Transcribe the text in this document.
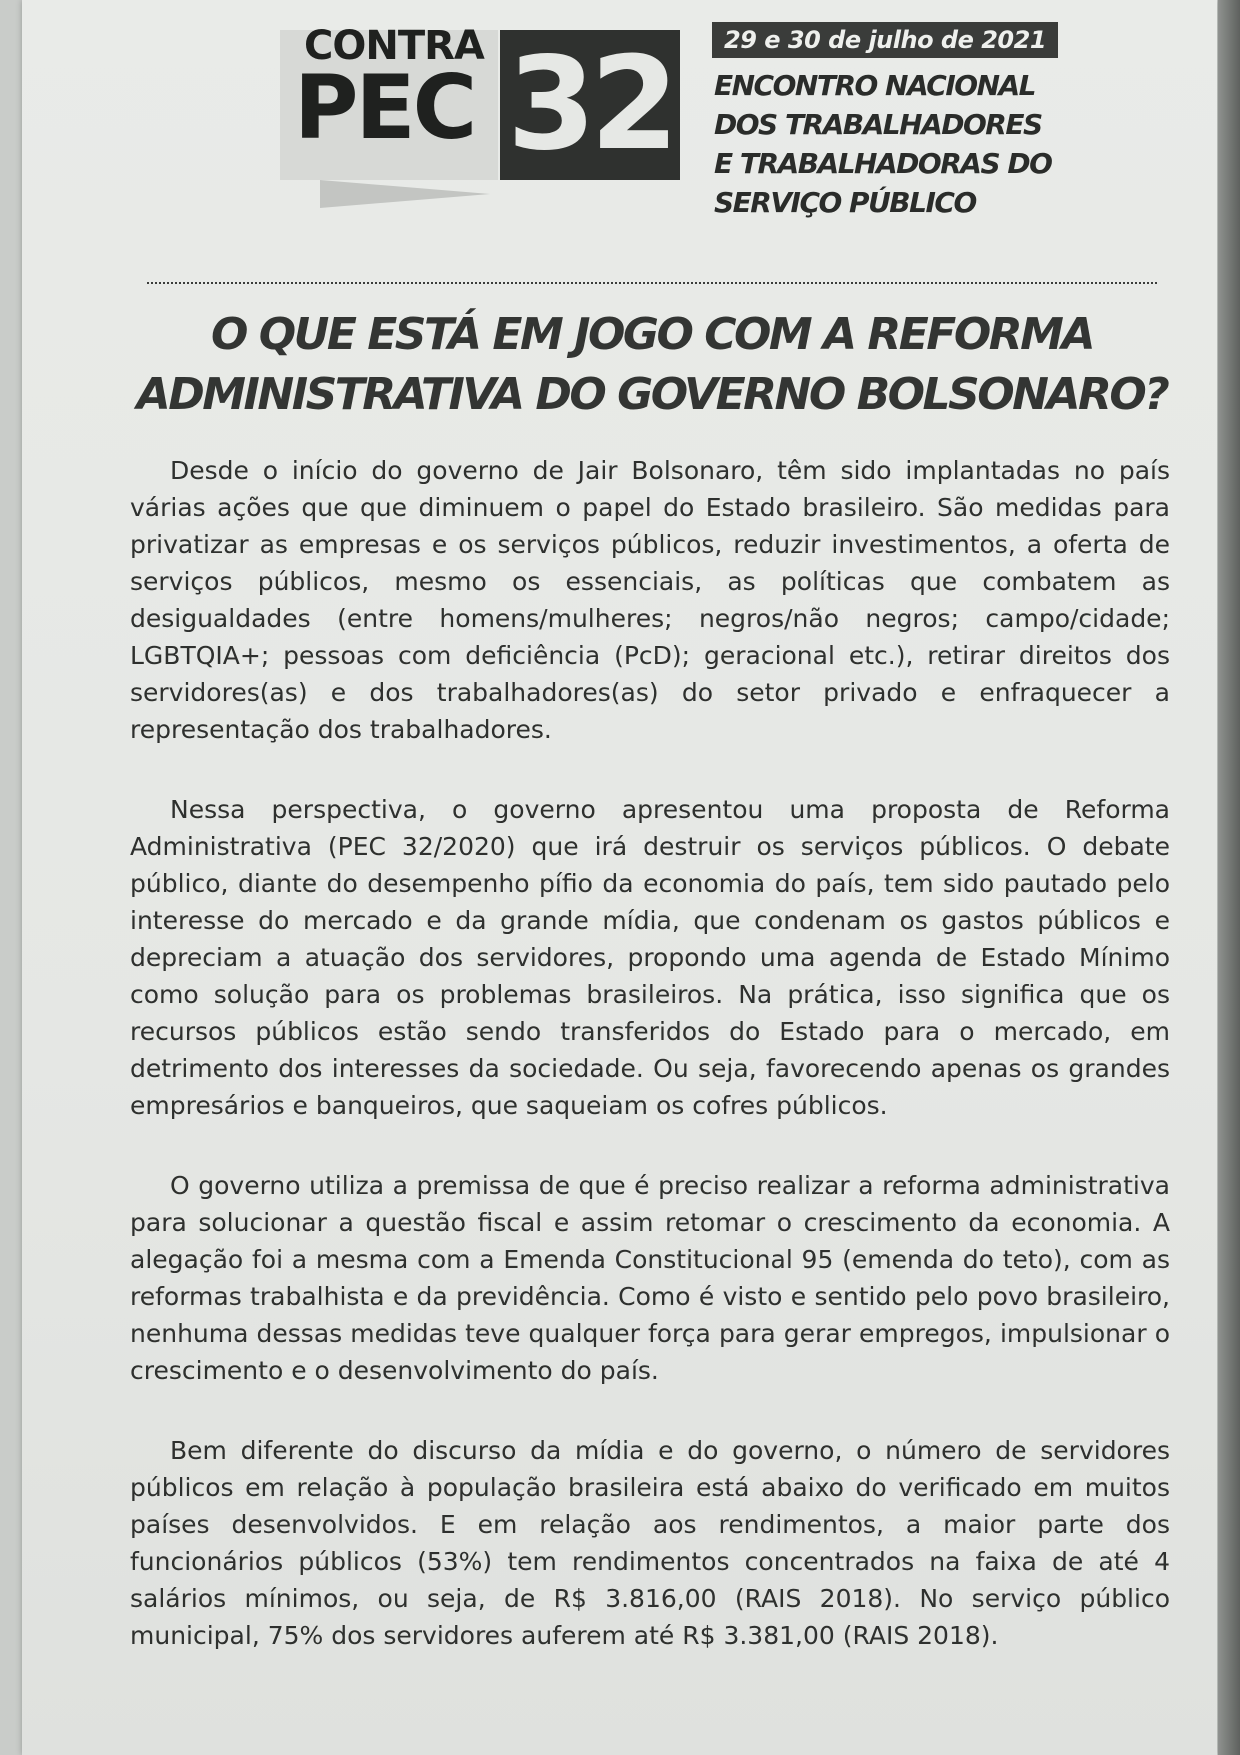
CONTRA
PEC 32	29 e 30 de julho de 2021
ENCONTRO NACIONAL
DOS TRABALHADORES
E TRABALHADORAS DO
SERVIÇO PÚBLICO
O QUE ESTÁ EM JOGO COM A REFORMA
ADMINISTRATIVA DO GOVERNO BOLSONARO?

Desde o início do governo de Jair Bolsonaro, têm sido implantadas no país várias ações que que diminuem o papel do Estado brasileiro. São medidas para privatizar as empresas e os serviços públicos, reduzir investimentos, a oferta de serviços públicos, mesmo os essenciais, as políticas que combatem as desigualdades (entre homens/mulheres; negros/não negros; campo/cidade; LGBTQIA+; pessoas com deficiência (PcD); geracional etc.), retirar direitos dos servidores(as) e dos trabalhadores(as) do setor privado e enfraquecer a representação dos trabalhadores.

Nessa perspectiva, o governo apresentou uma proposta de Reforma Administrativa (PEC 32/2020) que irá destruir os serviços públicos. O debate público, diante do desempenho pífio da economia do país, tem sido pautado pelo interesse do mercado e da grande mídia, que condenam os gastos públicos e depreciam a atuação dos servidores, propondo uma agenda de Estado Mínimo como solução para os problemas brasileiros. Na prática, isso significa que os recursos públicos estão sendo transferidos do Estado para o mercado, em detrimento dos interesses da sociedade. Ou seja, favorecendo apenas os grandes empresários e banqueiros, que saqueiam os cofres públicos.

O governo utiliza a premissa de que é preciso realizar a reforma administrativa para solucionar a questão fiscal e assim retomar o crescimento da economia. A alegação foi a mesma com a Emenda Constitucional 95 (emenda do teto), com as reformas trabalhista e da previdência. Como é visto e sentido pelo povo brasileiro, nenhuma dessas medidas teve qualquer força para gerar empregos, impulsionar o crescimento e o desenvolvimento do país.

Bem diferente do discurso da mídia e do governo, o número de servidores públicos em relação à população brasileira está abaixo do verificado em muitos países desenvolvidos. E em relação aos rendimentos, a maior parte dos funcionários públicos (53%) tem rendimentos concentrados na faixa de até 4 salários mínimos, ou seja, de R$ 3.816,00 (RAIS 2018). No serviço público municipal, 75% dos servidores auferem até R$ 3.381,00 (RAIS 2018).
